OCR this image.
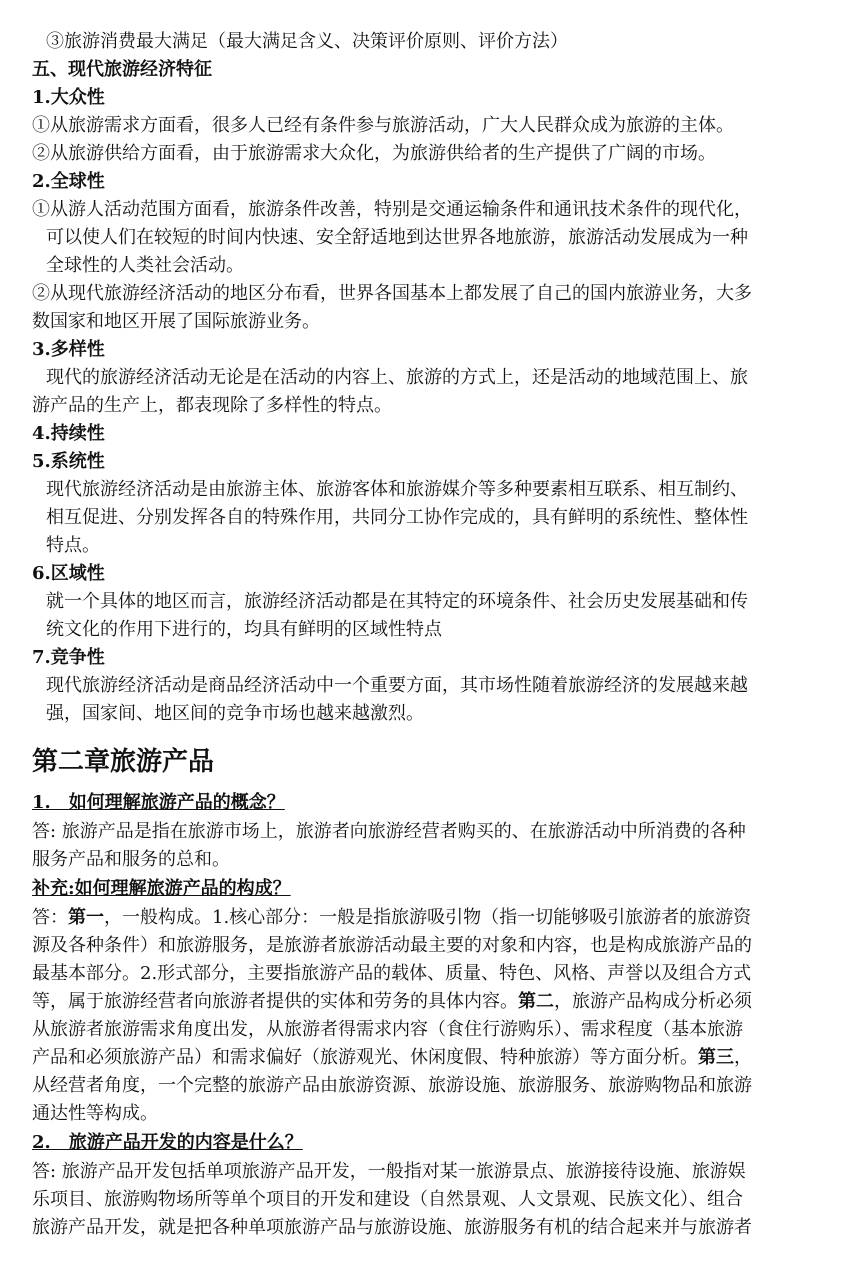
③旅游消费最大满足（最大满足含义、决策评价原则、评价方法）

五、现代旅游经济特征

1.大众性

①从旅游需求方面看，很多人已经有条件参与旅游活动，广大人民群众成为旅游的主体。

②从旅游供给方面看，由于旅游需求大众化，为旅游供给者的生产提供了广阔的市场。

2.全球性

①从游人活动范围方面看，旅游条件改善，特别是交通运输条件和通讯技术条件的现代化，

可以使人们在较短的时间内快速、安全舒适地到达世界各地旅游，旅游活动发展成为一种

全球性的人类社会活动。

②从现代旅游经济活动的地区分布看，世界各国基本上都发展了自己的国内旅游业务，大多

数国家和地区开展了国际旅游业务。

3.多样性

现代的旅游经济活动无论是在活动的内容上、旅游的方式上，还是活动的地域范围上、旅

游产品的生产上，都表现除了多样性的特点。

4.持续性

5.系统性

现代旅游经济活动是由旅游主体、旅游客体和旅游媒介等多种要素相互联系、相互制约、

相互促进、分别发挥各自的特殊作用，共同分工协作完成的，具有鲜明的系统性、整体性

特点。

6.区域性

就一个具体的地区而言，旅游经济活动都是在其特定的环境条件、社会历史发展基础和传

统文化的作用下进行的，均具有鲜明的区域性特点

7.竞争性

现代旅游经济活动是商品经济活动中一个重要方面，其市场性随着旅游经济的发展越来越

强，国家间、地区间的竞争市场也越来越激烈。

第二章旅游产品
1.　如何理解旅游产品的概念？

答: 旅游产品是指在旅游市场上，旅游者向旅游经营者购买的、在旅游活动中所消费的各种

服务产品和服务的总和。

补充:如何理解旅游产品的构成？

答：第一，一般构成。1.核心部分：一般是指旅游吸引物（指一切能够吸引旅游者的旅游资

源及各种条件）和旅游服务，是旅游者旅游活动最主要的对象和内容，也是构成旅游产品的

最基本部分。2.形式部分，主要指旅游产品的载体、质量、特色、风格、声誉以及组合方式

等，属于旅游经营者向旅游者提供的实体和劳务的具体内容。第二，旅游产品构成分析必须

从旅游者旅游需求角度出发，从旅游者得需求内容（食住行游购乐）、需求程度（基本旅游

产品和必须旅游产品）和需求偏好（旅游观光、休闲度假、特种旅游）等方面分析。第三，

从经营者角度，一个完整的旅游产品由旅游资源、旅游设施、旅游服务、旅游购物品和旅游

通达性等构成。

2.　旅游产品开发的内容是什么？

答: 旅游产品开发包括单项旅游产品开发，一般指对某一旅游景点、旅游接待设施、旅游娱

乐项目、旅游购物场所等单个项目的开发和建设（自然景观、人文景观、民族文化）、组合

旅游产品开发，就是把各种单项旅游产品与旅游设施、旅游服务有机的结合起来并与旅游者
